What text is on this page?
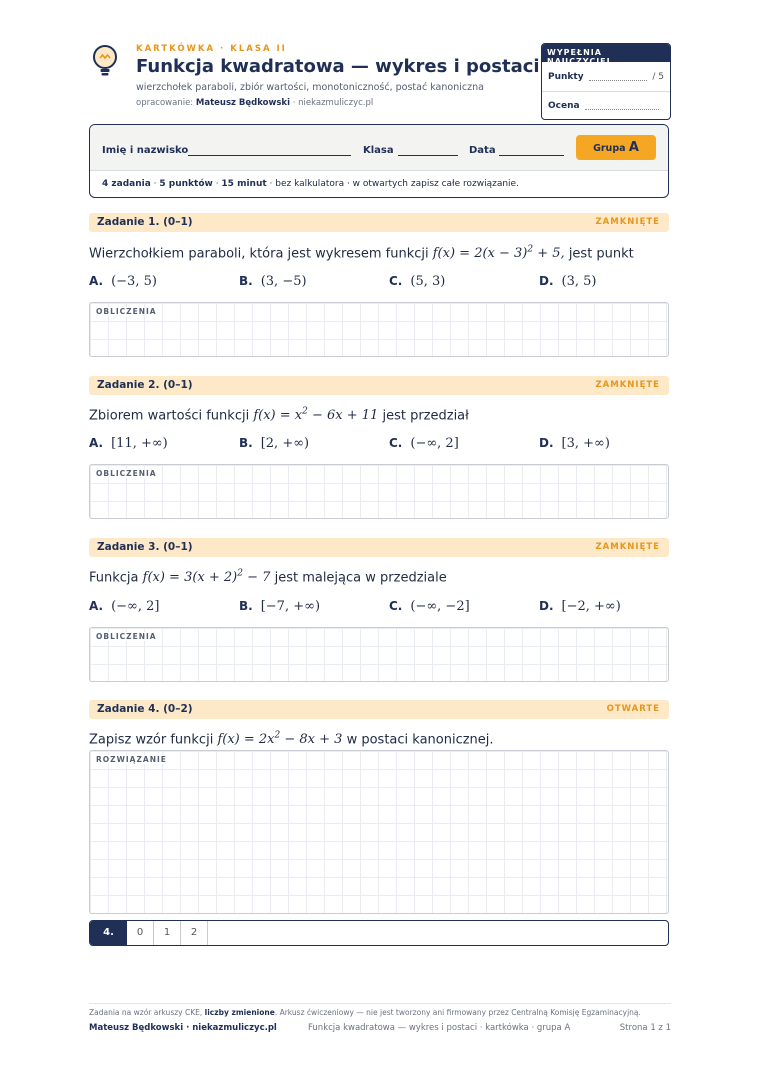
KARTKÓWKA · KLASA II
Funkcja kwadratowa — wykres i postaci
wierzchołek paraboli, zbiór wartości, monotoniczność, postać kanoniczna
opracowanie: Mateusz Będkowski · niekazmuliczyc.pl
WYPEŁNIA NAUCZYCIEL
Punkty	/ 5
Ocena
Imię i nazwisko	Klasa	Data	Grupa A
4 zadania · 5 punktów · 15 minut · bez kalkulatora · w otwartych zapisz całe rozwiązanie.
Zadanie 1. (0–1)	ZAMKNIĘTE
Wierzchołkiem paraboli, która jest wykresem funkcji $f(x) = 2(x - 3)^2 + 5$, jest punkt
A. (−3, 5)	B. (3, −5)	C. (5, 3)	D. (3, 5)
OBLICZENIA
Zadanie 2. (0–1)	ZAMKNIĘTE
Zbiorem wartości funkcji $f(x) = x^2 - 6x + 11$ jest przedział
A. [11, +∞)	B. [2, +∞)	C. (−∞, 2]	D. [3, +∞)
OBLICZENIA
Zadanie 3. (0–1)	ZAMKNIĘTE
Funkcja $f(x) = 3(x + 2)^2 - 7$ jest malejąca w przedziale
A. (−∞, 2]	B. [−7, +∞)	C. (−∞, −2]	D. [−2, +∞)
OBLICZENIA
Zadanie 4. (0–2)	OTWARTE
Zapisz wzór funkcji $f(x) = 2x^2 - 8x + 3$ w postaci kanonicznej.
ROZWIĄZANIE
4.	0	1	2
Zadania na wzór arkuszy CKE, liczby zmienione. Arkusz ćwiczeniowy — nie jest tworzony ani firmowany przez Centralną Komisję Egzaminacyjną.
Mateusz Będkowski · niekazmuliczyc.pl	Funkcja kwadratowa — wykres i postaci · kartkówka · grupa A	Strona 1 z 1
